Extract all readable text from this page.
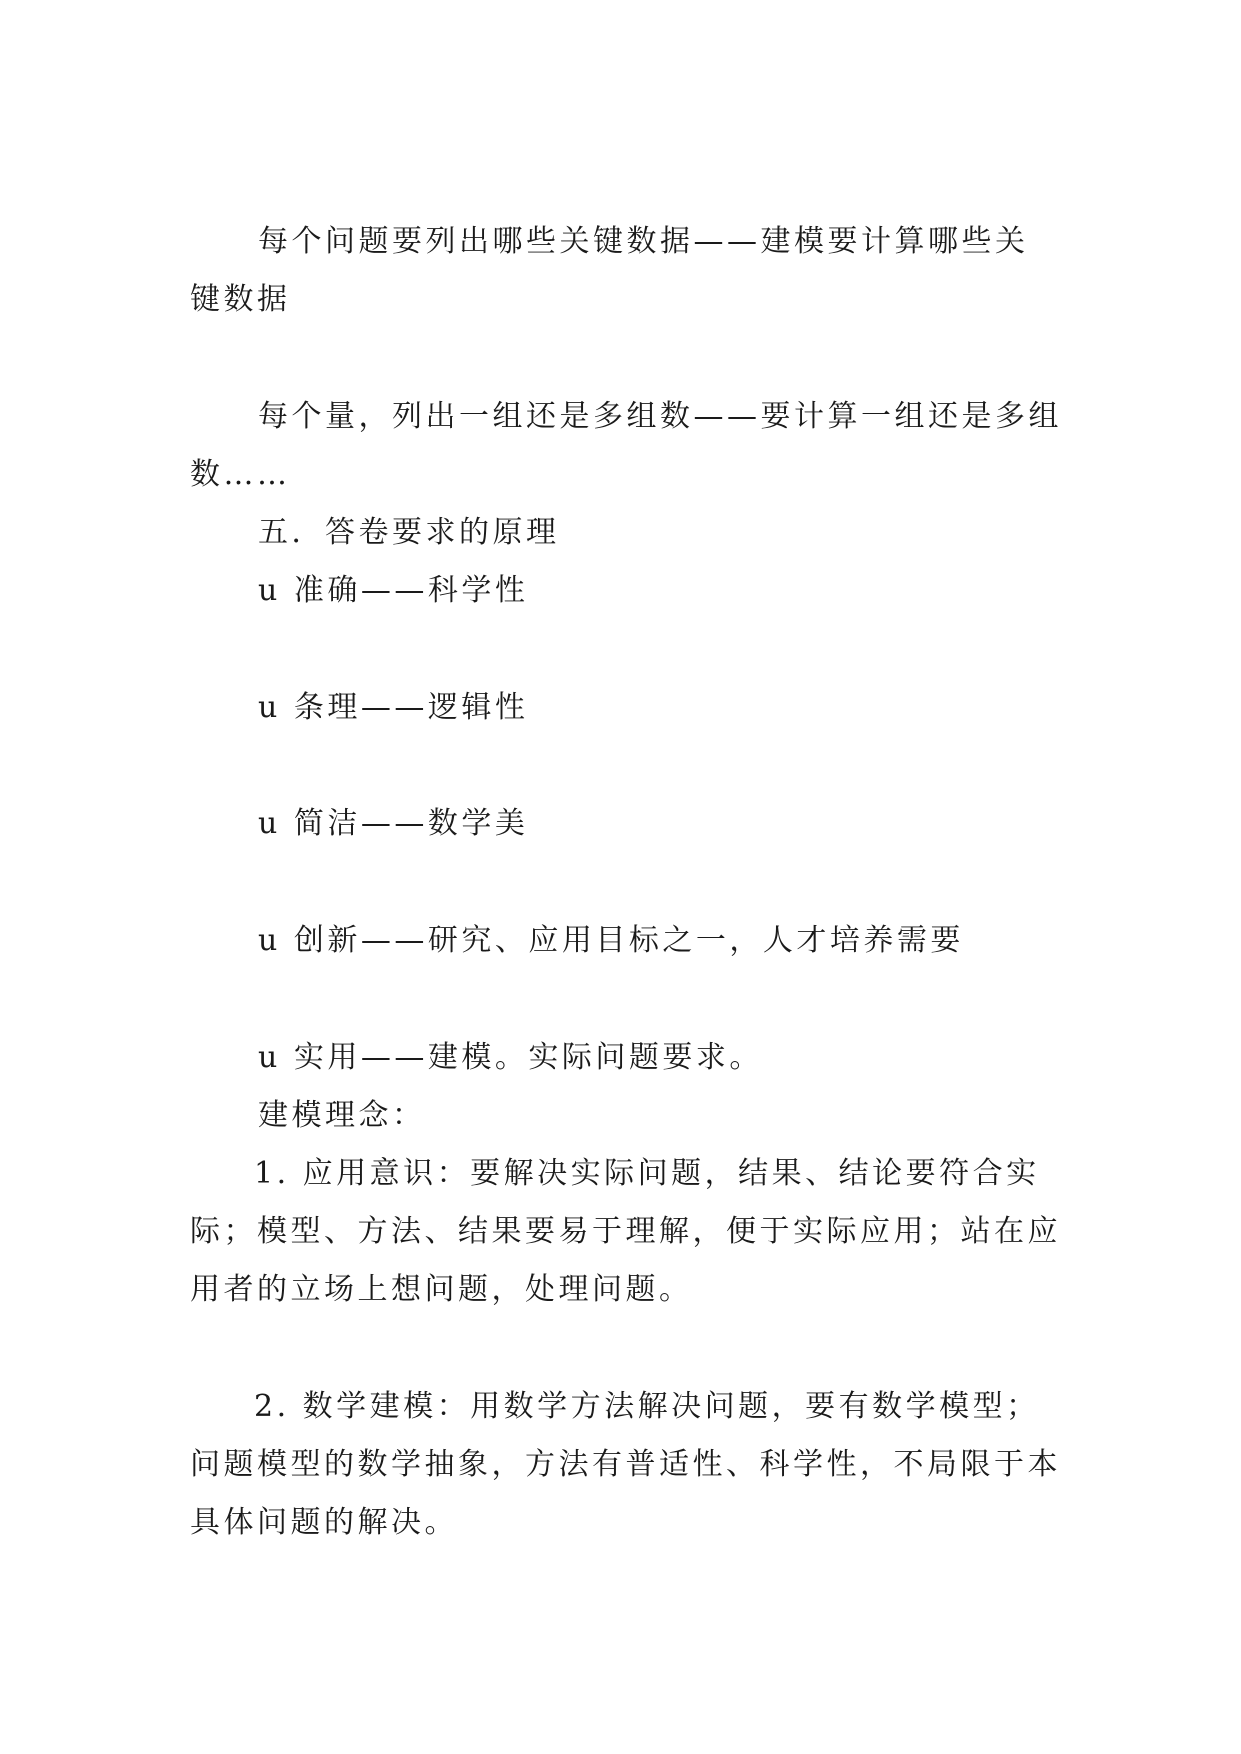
每个问题要列出哪些关键数据——建模要计算哪些关
键数据
每个量，列出一组还是多组数——要计算一组还是多组
数……
五．答卷要求的原理
u 准确——科学性
u 条理——逻辑性
u 简洁——数学美
u 创新——研究、应用目标之一，人才培养需要
u 实用——建模。实际问题要求。
建模理念：
1. 应用意识：要解决实际问题，结果、结论要符合实
际；模型、方法、结果要易于理解，便于实际应用；站在应
用者的立场上想问题，处理问题。
2. 数学建模：用数学方法解决问题，要有数学模型；
问题模型的数学抽象，方法有普适性、科学性，不局限于本
具体问题的解决。
